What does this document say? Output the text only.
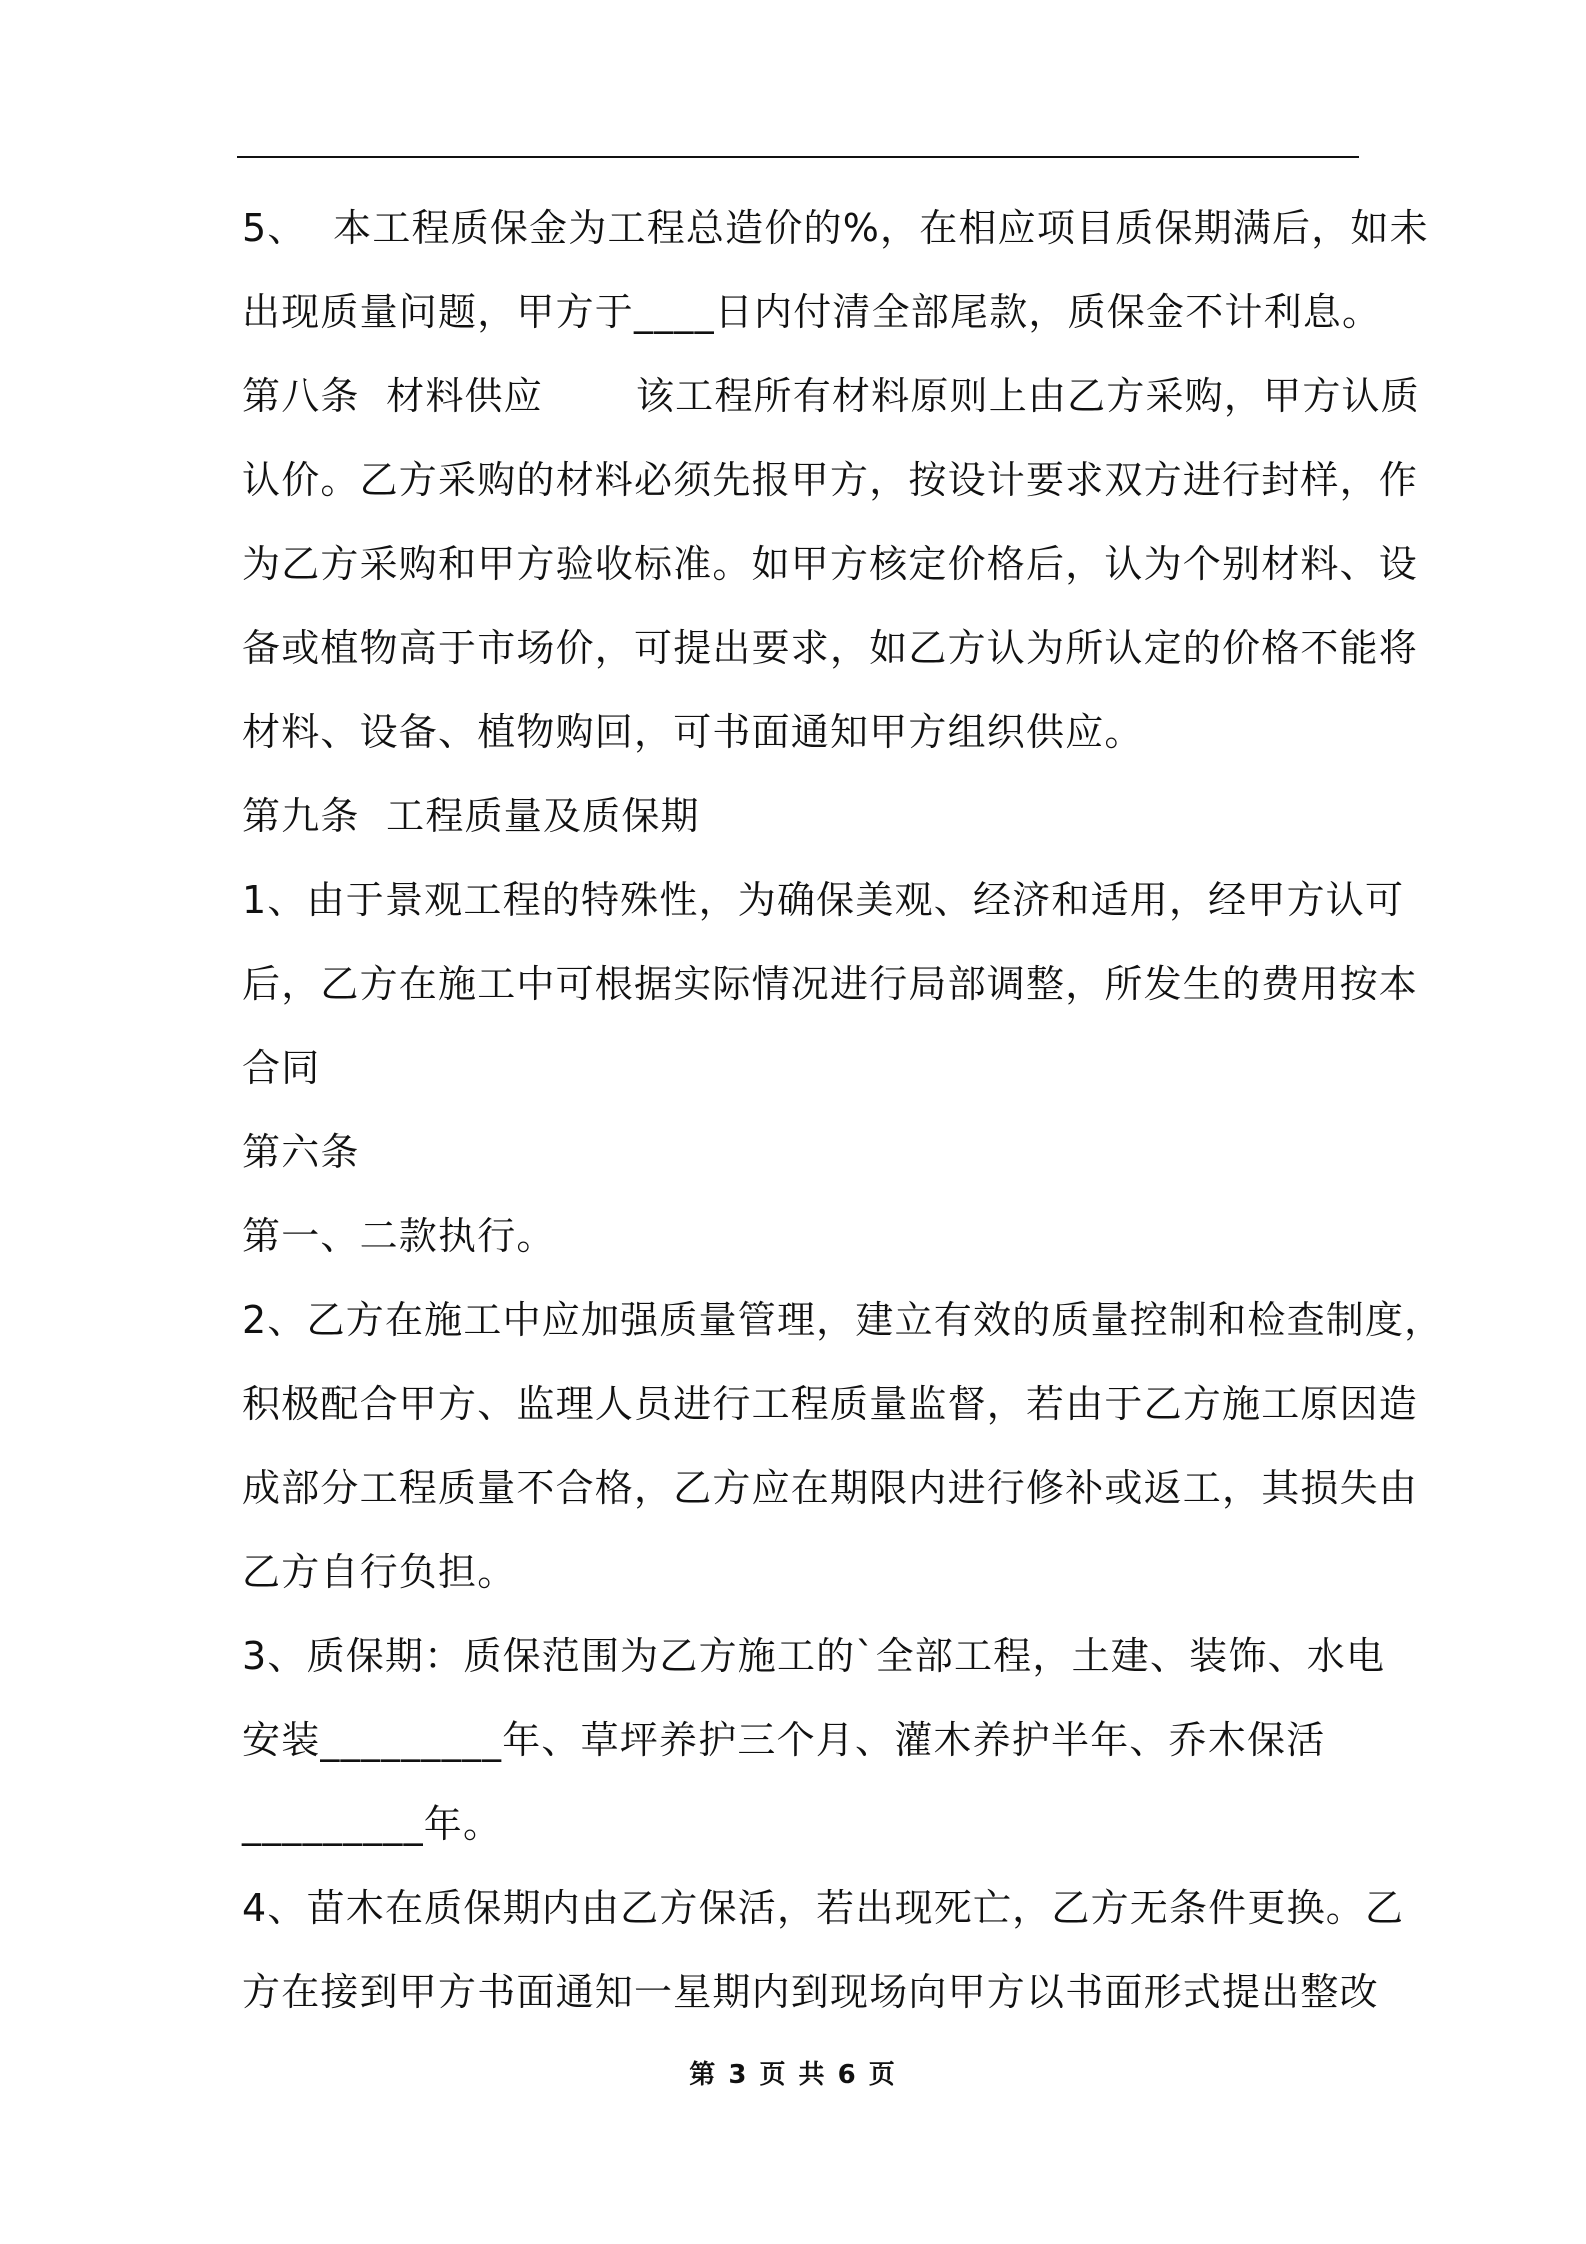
5、  本工程质保金为工程总造价的%，在相应项目质保期满后，如未
出现质量问题，甲方于____日内付清全部尾款，质保金不计利息。
第八条  材料供应       该工程所有材料原则上由乙方采购，甲方认质
认价。乙方采购的材料必须先报甲方，按设计要求双方进行封样，作
为乙方采购和甲方验收标准。如甲方核定价格后，认为个别材料、设
备或植物高于市场价，可提出要求，如乙方认为所认定的价格不能将
材料、设备、植物购回，可书面通知甲方组织供应。
第九条  工程质量及质保期
1、由于景观工程的特殊性，为确保美观、经济和适用，经甲方认可
后，乙方在施工中可根据实际情况进行局部调整，所发生的费用按本
合同
第六条
第一、二款执行。
2、乙方在施工中应加强质量管理，建立有效的质量控制和检查制度，
积极配合甲方、监理人员进行工程质量监督，若由于乙方施工原因造
成部分工程质量不合格，乙方应在期限内进行修补或返工，其损失由
乙方自行负担。
3、质保期：质保范围为乙方施工的`全部工程，土建、装饰、水电
安装_________年、草坪养护三个月、灌木养护半年、乔木保活
_________年。
4、苗木在质保期内由乙方保活，若出现死亡，乙方无条件更换。乙
方在接到甲方书面通知一星期内到现场向甲方以书面形式提出整改
第 3 页 共 6 页
